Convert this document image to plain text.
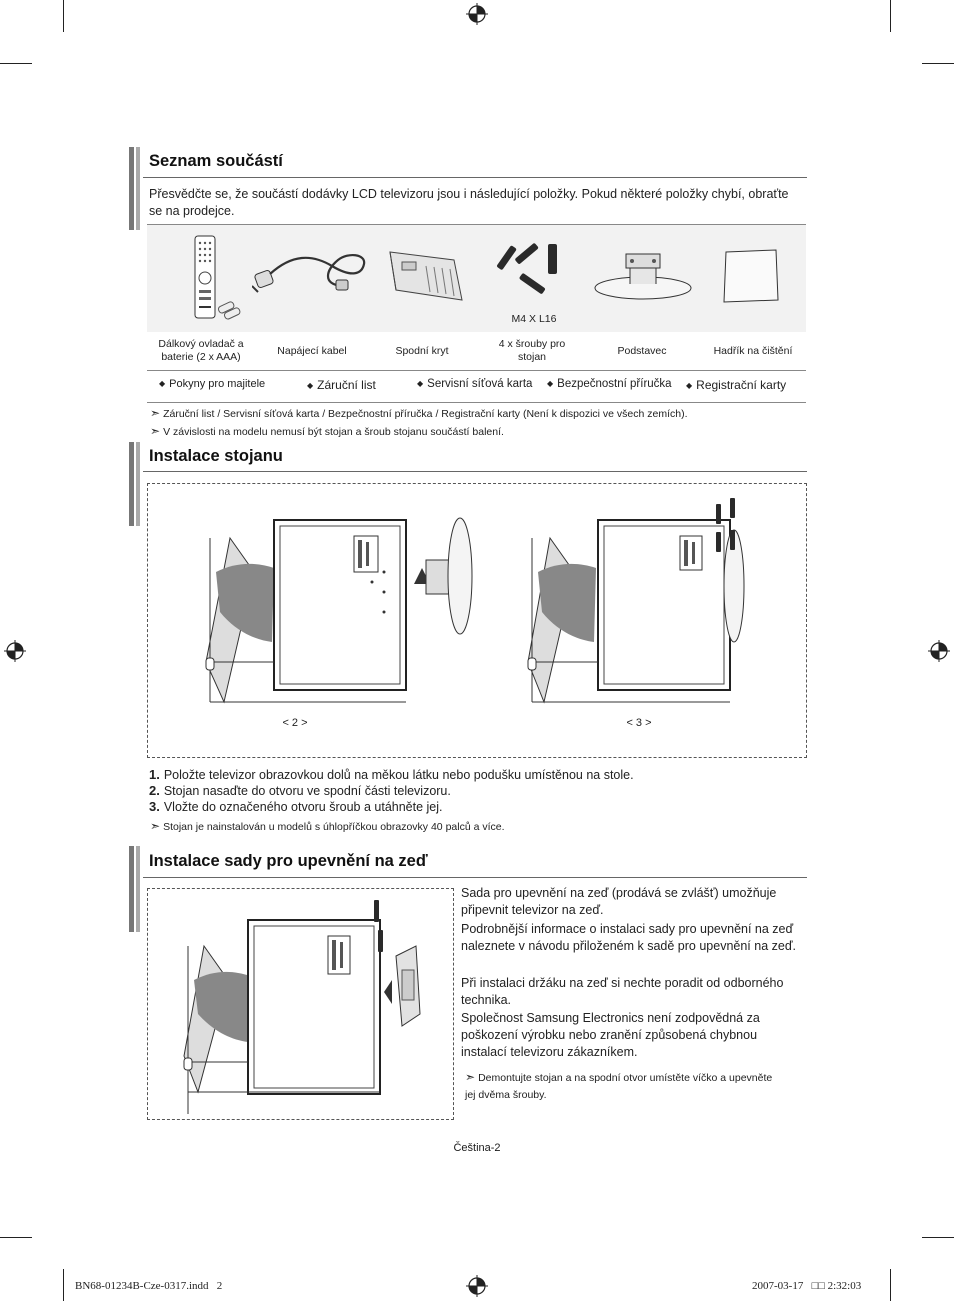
Seznam součástí
Přesvědčte se, že součástí dodávky LCD televizoru jsou i následující položky. Pokud některé položky chybí, obraťte se na prodejce.
M4 X L16
Dálkový ovladač a baterie (2 x AAA)	Napájecí kabel	Spodní kryt
4 x šrouby pro stojan	Podstavec	Hadřík na čištění
◆ Pokyny pro majitele	◆ Záruční list	◆ Servisní síťová karta ◆ Bezpečnostní příručka ◆ Registrační karty
➣ Záruční list / Servisní síťová karta / Bezpečnostní příručka / Registrační karty (Není k dispozici ve všech zemích).
➣ V závislosti na modelu nemusí být stojan a šroub stojanu součástí balení.
Instalace stojanu
< 2 >	< 3 >
1. Položte televizor obrazovkou dolů na měkou látku nebo podušku umístěnou na stole.
2. Stojan nasaďte do otvoru ve spodní části televizoru.
3. Vložte do označeného otvoru šroub a utáhněte jej.
➣ Stojan je nainstalován u modelů s úhlopříčkou obrazovky 40 palců a více.
Instalace sady pro upevnění na zeď
Sada pro upevnění na zeď (prodává se zvlášť) umožňuje připevnit televizor na zeď.
Podrobnější informace o instalaci sady pro upevnění na zeď naleznete v návodu přiloženém k sadě pro upevnění na zeď.
Při instalaci držáku na zeď si nechte poradit od odborného technika.
Společnost Samsung Electronics není zodpovědná za poškození výrobku nebo zranění způsobená chybnou instalací televizoru zákazníkem.
➣ Demontujte stojan a na spodní otvor umístěte víčko a upevněte jej dvěma šrouby.
Čeština-2
BN68-01234B-Cze-0317.indd   2	2007-03-17   □□ 2:32:03
